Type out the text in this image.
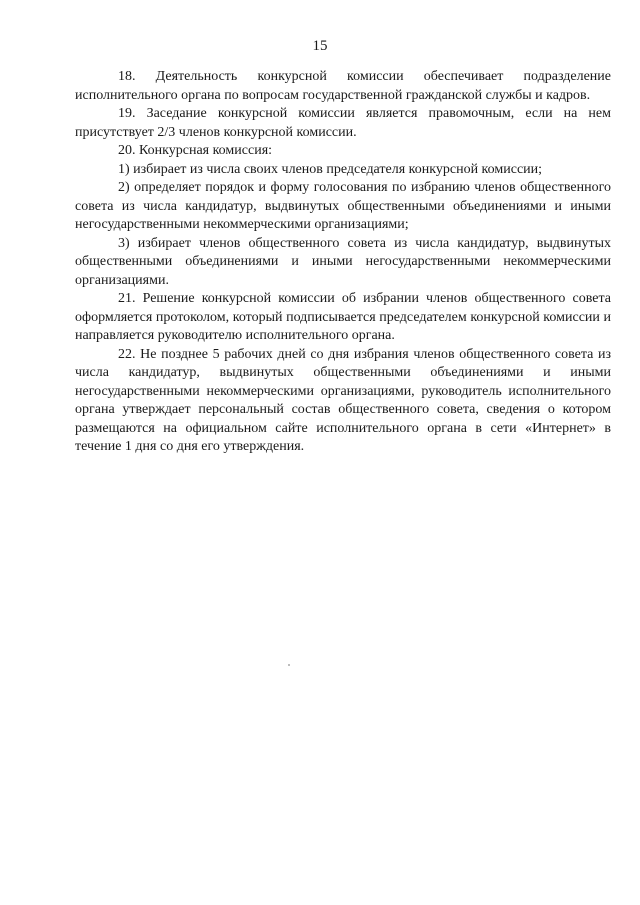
15

18. Деятельность конкурсной комиссии обеспечивает подразделение исполнительного органа по вопросам государственной гражданской службы и кадров.

19. Заседание конкурсной комиссии является правомочным, если на нем присутствует 2/3 членов конкурсной комиссии.

20. Конкурсная комиссия:

1) избирает из числа своих членов председателя конкурсной комиссии;

2) определяет порядок и форму голосования по избранию членов общественного совета из числа кандидатур, выдвинутых общественными объединениями и иными негосударственными некоммерческими организациями;

3) избирает членов общественного совета из числа кандидатур, выдвинутых общественными объединениями и иными негосударственными некоммерческими организациями.

21. Решение конкурсной комиссии об избрании членов общественного совета оформляется протоколом, который подписывается председателем конкурсной комиссии и направляется руководителю исполнительного органа.

22. Не позднее 5 рабочих дней со дня избрания членов общественного совета из числа кандидатур, выдвинутых общественными объединениями и иными негосударственными некоммерческими организациями, руководитель исполнительного органа утверждает персональный состав общественного совета, сведения о котором размещаются на официальном сайте исполнительного органа в сети «Интернет» в течение 1 дня со дня его утверждения.
